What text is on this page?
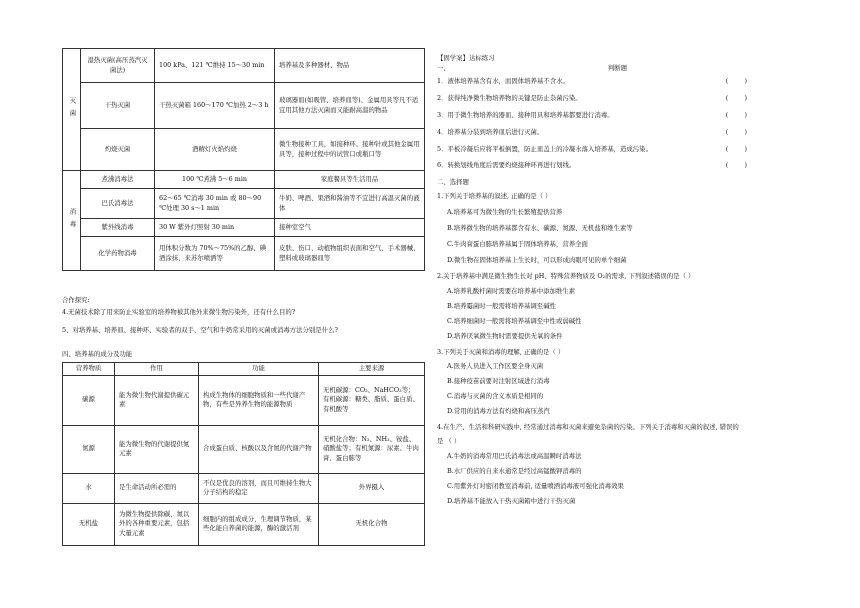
灭菌	湿热灭菌(高压蒸汽灭菌法)	100 kPa、121 ℃维持 15～30 min	培养基及多种器材、物品
	干热灭菌	干热灭菌箱 160～170 ℃加热 2～3 h	玻璃器皿(如吸管、培养皿等)、金属用具等凡不适宜用其他方法灭菌而又能耐高温的物品
	灼烧灭菌	酒精灯火焰灼烧	微生物接种工具，如接种环、接种针或其他金属用具等，接种过程中的试管口或瓶口等
消毒	煮沸消毒法	100 ℃煮沸 5～6 min	家庭餐具等生活用品
	巴氏消毒法	62～65 ℃消毒 30 min 或 80～90 ℃处理 30 s～1 min	牛奶、啤酒、果酒和酱油等不宜进行高温灭菌的液体
	紫外线消毒	30 W 紫外灯照射 30 min	接种室空气
	化学药物消毒	用体积分数为 70%～75%的乙醇、碘酒涂抹，来苏尔喷洒等	皮肤、伤口、动植物组织表面和空气、手术器械、塑料或玻璃器皿等
合作探究:
4.无菌技术除了用来防止实验室的培养物被其他外来微生物污染外，还有什么目的?
5、对培养基、培养皿、接种环、实验者的双手、空气和牛奶常采用的灭菌或消毒方法分别是什么?
四、培养基的成分及功能
营养物质	作用	功能	主要来源
碳源	能为微生物代谢提供碳元素	构成生物体的细胞物质和一些代谢产物，有些是异养生物的能源物质	无机碳源：CO₂、NaHCO₃等；有机碳源：糖类、脂质、蛋白质、有机酸等
氮源	能为微生物的代谢提供氮元素	合成蛋白质、核酸以及含氮的代谢产物	无机化合物：N₂、NH₃、铵盐、硝酸盐等；有机氮源：尿素、牛肉膏、蛋白胨等
水	是生命活动所必需的	不仅是优良的溶剂，而且可维持生物大分子结构的稳定	外界摄入
无机盐	为微生物提供除碳、氮以外的各种重要元素，包括大量元素	细胞内的组成成分，生理调节物质，某些化能自养菌的能源，酶的激活剂	无机化合物

【固学案】达标练习

一、	判断题

1．液体培养基含有水，而固体培养基不含水。	(        )

2．获得纯净微生物培养物的关键是防止杂菌污染。	(        )

3．用于微生物培养的器皿、接种用具和培养基都要进行消毒。	(        )

4．培养基分装到培养皿后进行灭菌。	(        )

5．平板冷凝后应将平板倒置，防止皿盖上的冷凝水落入培养基，造成污染。	(        )

6．转换划线角度后需要灼烧接种环再进行划线。	(        )

二、选择题

1.下列关于培养基的叙述, 正确的是（ ）

A.培养基可为微生物的生长繁殖提供营养

B.培养微生物的培养基都含有水、碳源、氮源、无机盐和维生素等

C.牛肉膏蛋白胨培养基属于固体培养基，营养全面

D.微生物在固体培养基上生长时，可以形成肉眼可见的单个细菌

2.关于培养基中满足微生物生长对 pH、特殊营养物质及 O₂的需求, 下列叙述错误的是（ ）

A.培养乳酸杆菌时需要在培养基中添加维生素

B.培养霉菌时一般需将培养基调至碱性

C.培养细菌时一般需将培养基调至中性或弱碱性

D.培养厌氧微生物时需要提供无氧的条件

3.下列关于灭菌和消毒的理解, 正确的是（ ）

A.医务人员进入工作区要全身灭菌

B.接种疫苗前要对注射区域进行消毒

C.消毒与灭菌的含义本质是相同的

D.常用的消毒方法有灼烧和高压蒸汽

4.在生产、生活和科研实践中, 经常通过消毒和灭菌来避免杂菌的污染。下列关于消毒和灭菌的叙述, 错误的

是 （ ）

A.牛奶的消毒常用巴氏消毒法或高温瞬时消毒法

B.水厂供应的自来水通常是经过高锰酸钾消毒的

C.用紫外灯对密闭教室消毒前, 适量喷洒消毒液可强化消毒效果

D.培养基不能放入干热灭菌箱中进行干热灭菌
